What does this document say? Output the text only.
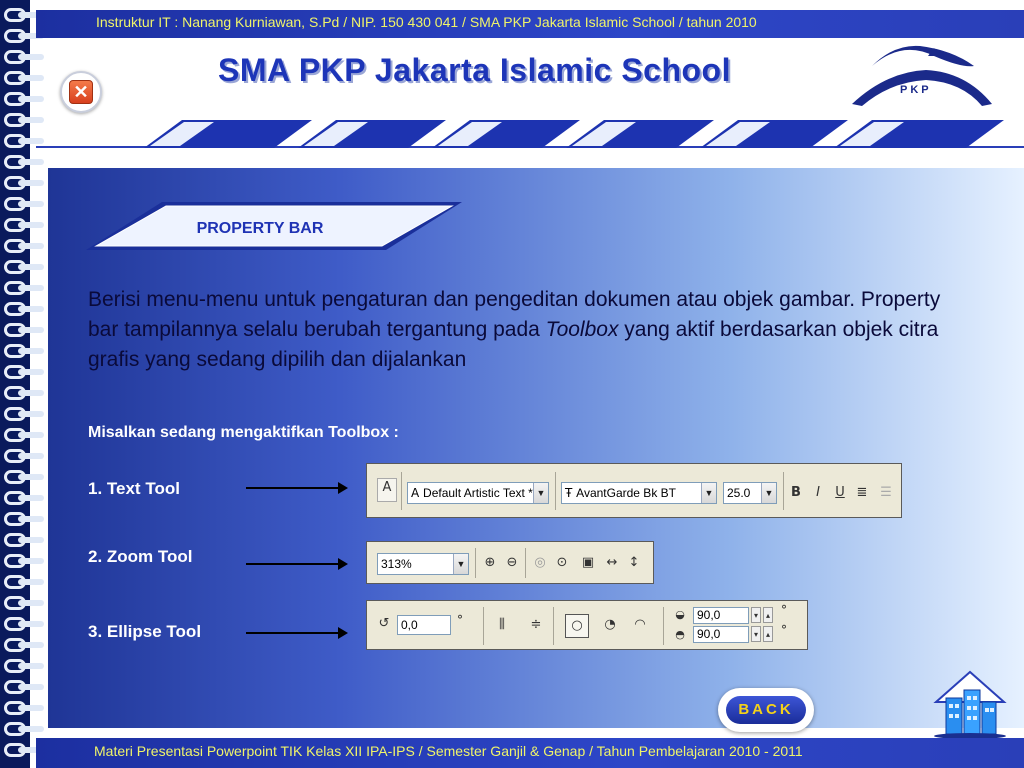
Instruktur IT : Nanang Kurniawan, S.Pd / NIP. 150 430 041 / SMA PKP Jakarta Islamic School / tahun 2010
✕
SMA PKP Jakarta Islamic School
PKP
PROPERTY BAR
Berisi menu-menu untuk pengaturan dan pengeditan dokumen atau objek gambar. Property bar tampilannya selalu berubah tergantung pada Toolbox yang aktif berdasarkan objek citra grafis yang sedang dipilih dan dijalankan
Misalkan sedang mengaktifkan Toolbox :
1. Text Tool
2. Zoom Tool
3. Ellipse Tool
A	A Default Artistic Text * ▼	Ŧ AvantGarde Bk BT	▼	25.0	▼	B	I	U ≣ ☰
313%	▼ ⊕ ⊖ ◎ ⊙ ▣ ↔ ↕
↺ 0,0	°	⫼	≑	○	◔ ◠
◒	90,0	▾ ▴ °
◓	90,0	▾ ▴ °
BACK
Materi Presentasi Powerpoint TIK Kelas XII IPA-IPS / Semester Ganjil & Genap / Tahun Pembelajaran 2010 - 2011
